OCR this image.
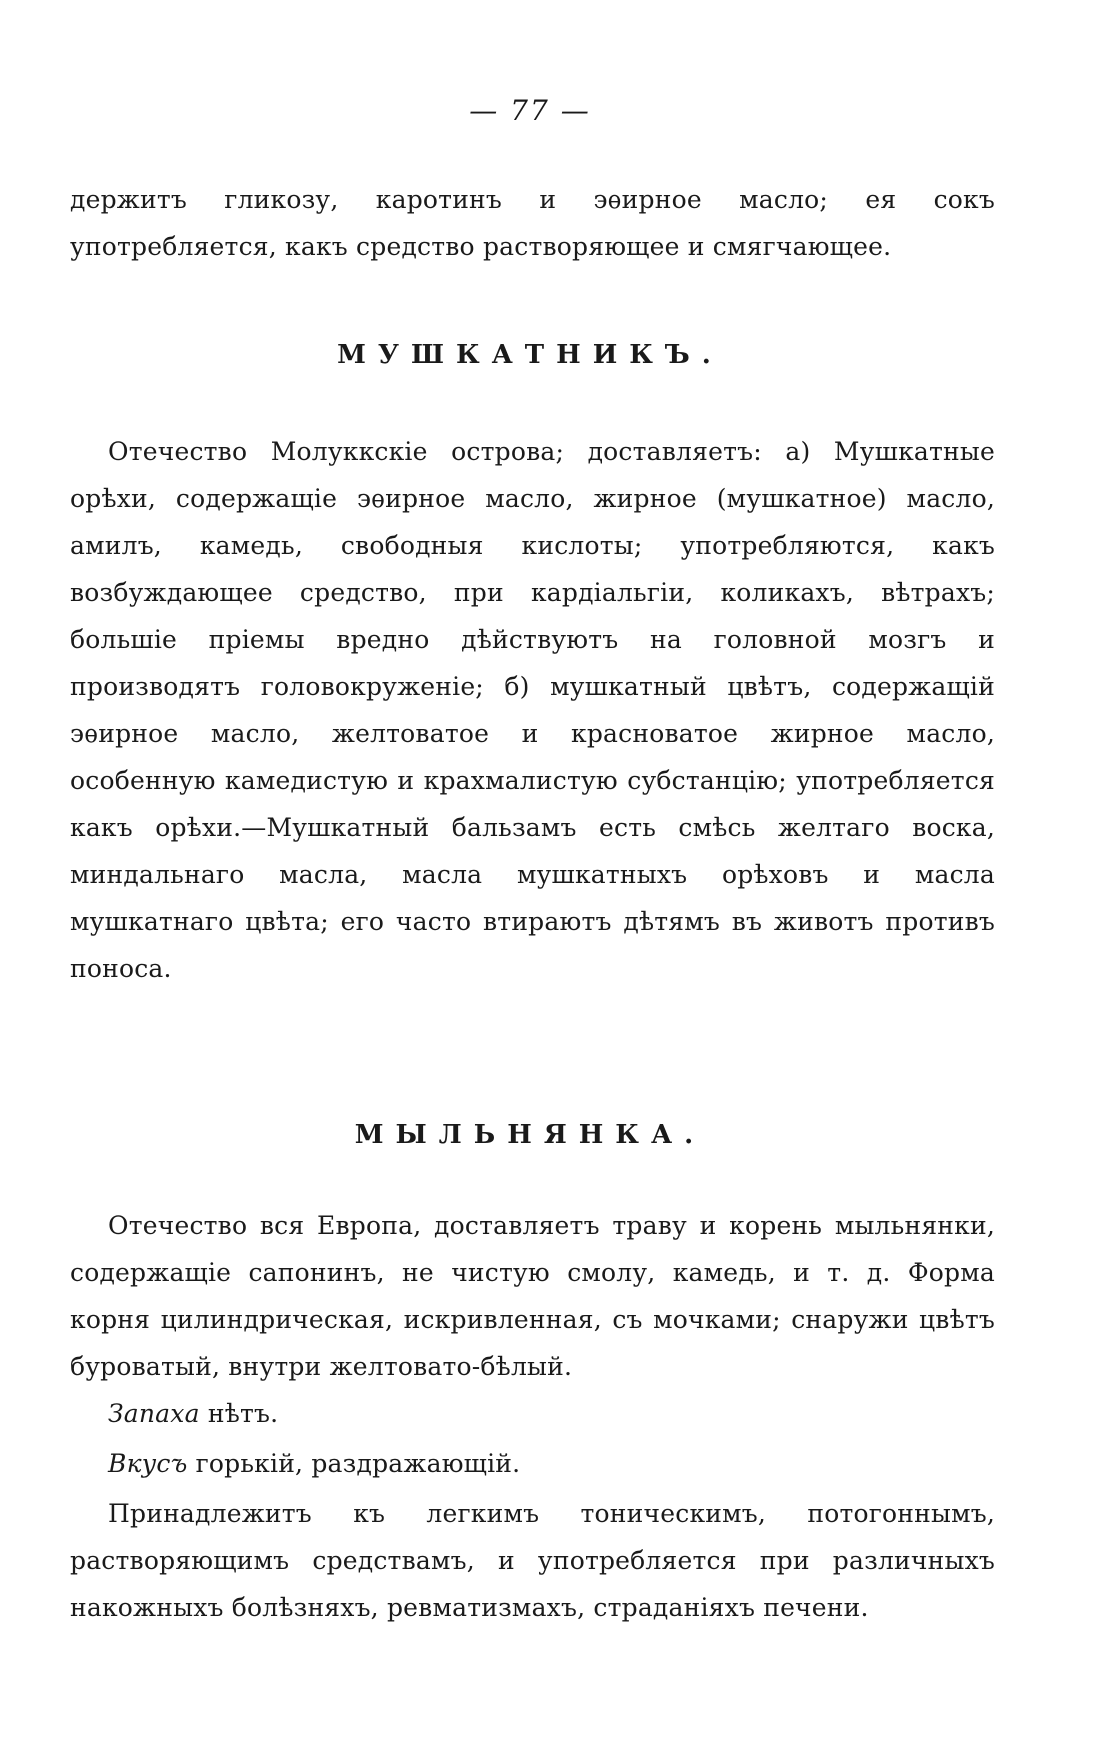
— 77 —

держитъ гликозу, каротинъ и эѳирное масло; ея сокъ употребляется, какъ средство растворяющее и смягчающее.

МУШКАТНИКЪ.

Отечество Молуккскіе острова; доставляетъ: а) Мушкатные орѣхи, содержащіе эѳирное масло, жирное (мушкатное) масло, амилъ, камедь, свободныя кислоты; употребляются, какъ возбуждающее средство, при кардіальгіи, коликахъ, вѣтрахъ; большіе пріемы вредно дѣйствуютъ на головной мозгъ и производятъ головокруженіе; б) мушкатный цвѣтъ, содержащій эѳирное масло, желтоватое и красноватое жирное масло, особенную камедистую и крахмалистую субстанцію; употребляется какъ орѣхи.—Мушкатный бальзамъ есть смѣсь желтаго воска, миндальнаго масла, масла мушкатныхъ орѣховъ и масла мушкатнаго цвѣта; его часто втираютъ дѣтямъ въ животъ противъ поноса.

МЫЛЬНЯНКА.

Отечество вся Европа, доставляетъ траву и корень мыльнянки, содержащіе сапонинъ, не чистую смолу, камедь, и т. д. Форма корня цилиндрическая, искривленная, съ мочками; снаружи цвѣтъ буроватый, внутри желтовато-бѣлый.

Запаха нѣтъ.

Вкусъ горькій, раздражающій.

Принадлежитъ къ легкимъ тоническимъ, потогоннымъ, растворяющимъ средствамъ, и употребляется при различныхъ накожныхъ болѣзняхъ, ревматизмахъ, страданіяхъ печени.
